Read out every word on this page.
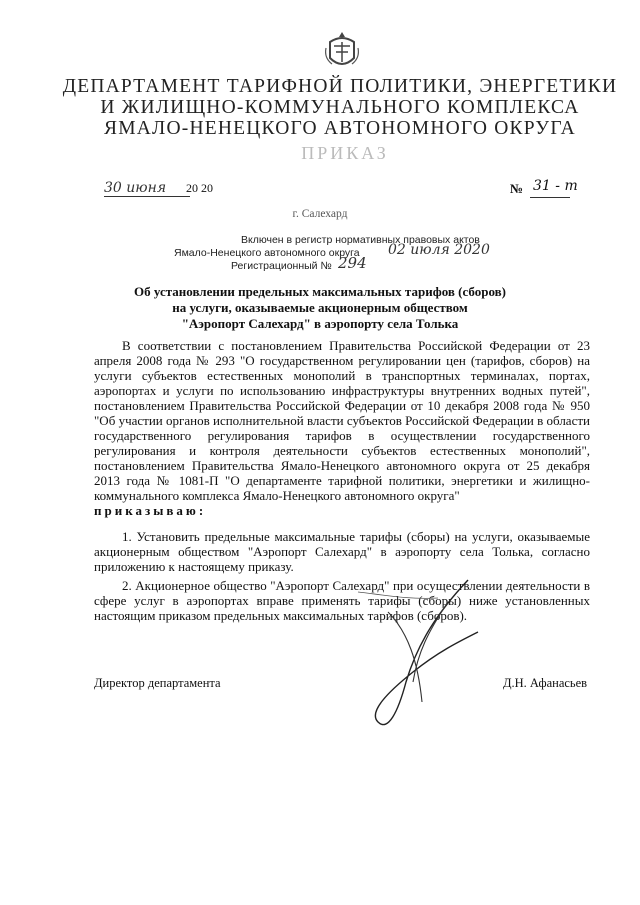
ДЕПАРТАМЕНТ ТАРИФНОЙ ПОЛИТИКИ, ЭНЕРГЕТИКИ
И ЖИЛИЩНО-КОММУНАЛЬНОГО КОМПЛЕКСА
ЯМАЛО-НЕНЕЦКОГО АВТОНОМНОГО ОКРУГА
ПРИКАЗ
30 июня 20 20	№ 31 - т
г. Салехард
Включен в регистр нормативных правовых актов
Ямало-Ненецкого автономного округа 02 июля 2020
Регистрационный № 294
Об установлении предельных максимальных тарифов (сборов)
на услуги, оказываемые акционерным обществом
"Аэропорт Салехард" в аэропорту села Толька
В соответствии с постановлением Правительства Российской Федерации от 23 апреля 2008 года № 293 "О государственном регулировании цен (тарифов, сборов) на услуги субъектов естественных монополий в транспортных терминалах, портах, аэропортах и услуги по использованию инфраструктуры внутренних водных путей", постановлением Правительства Российской Федерации от 10 декабря 2008 года № 950 "Об участии органов исполнительной власти субъектов Российской Федерации в области государственного регулирования тарифов в осуществлении государственного регулирования и контроля деятельности субъектов естественных монополий", постановлением Правительства Ямало-Ненецкого автономного округа от 25 декабря 2013 года № 1081-П "О департаменте тарифной политики, энергетики и жилищно-коммунального комплекса Ямало-Ненецкого автономного округа"
приказываю:
1. Установить предельные максимальные тарифы (сборы) на услуги, оказываемые акционерным обществом "Аэропорт Салехард" в аэропорту села Толька, согласно приложению к настоящему приказу.
2. Акционерное общество "Аэропорт Салехард" при осуществлении деятельности в сфере услуг в аэропортах вправе применять тарифы (сборы) ниже установленных настоящим приказом предельных максимальных тарифов (сборов).
Директор департамента	Д.Н. Афанасьев
